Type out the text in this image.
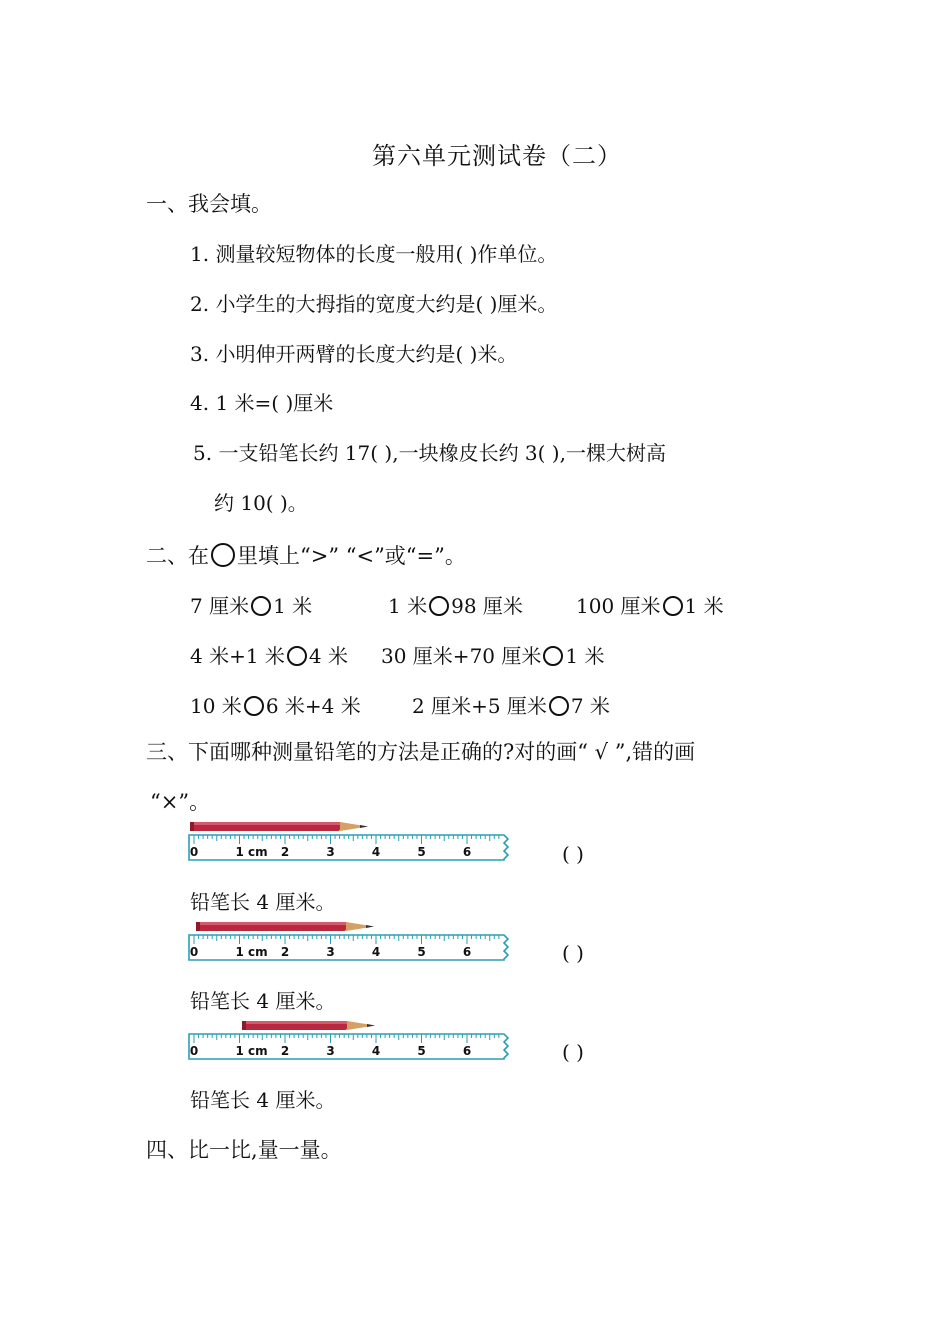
第六单元测试卷（二）
一、我会填。
1. 测量较短物体的长度一般用( )作单位。
2. 小学生的大拇指的宽度大约是( )厘米。
3. 小明伸开两臂的长度大约是( )米。
4. 1 米=( )厘米
5. 一支铅笔长约 17( ),一块橡皮长约 3( ),一棵大树高
约 10( )。
二、在 里填上“>” “<”或“=”。
7 厘米 1 米	1 米 98 厘米	100 厘米 1 米
4 米+1 米 4 米 30 厘米+70 厘米 1 米
10 米 6 米+4 米	2 厘米+5 厘米 7 米
三、下面哪种测量铅笔的方法是正确的?对的画“ √ ”,错的画
“×”。
0	1 cm 2	3	4	5	6	( )
铅笔长 4 厘米。
0	1 cm 2	3	4	5	6	( )
铅笔长 4 厘米。
0	1 cm 2	3	4	5	6	( )
铅笔长 4 厘米。
四、比一比,量一量。
